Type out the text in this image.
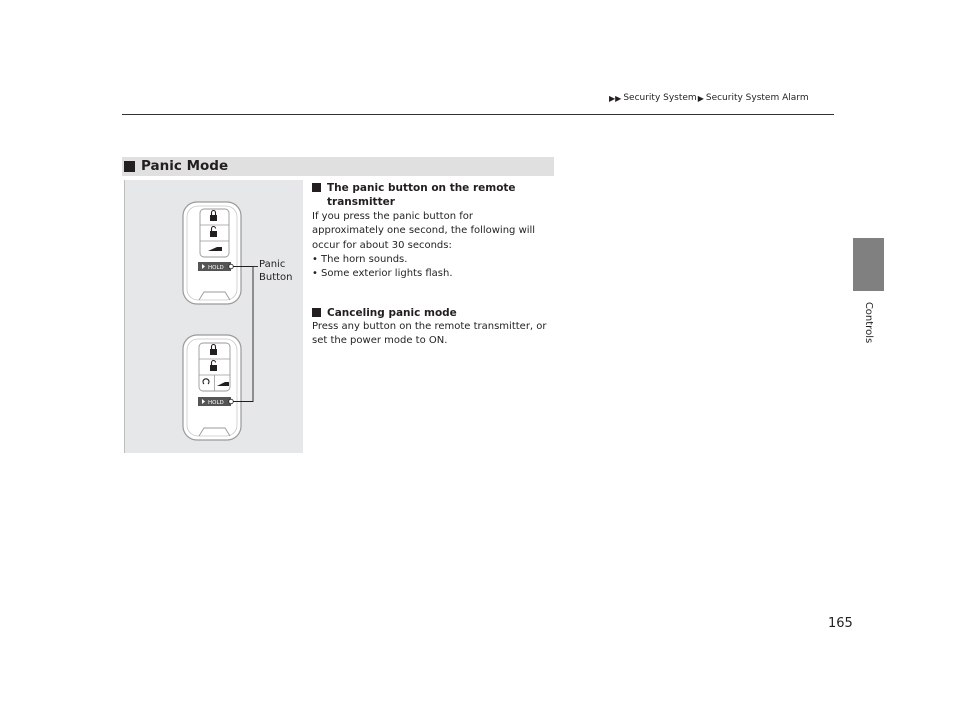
▶▶ Security System ▶ Security System Alarm
Controls
Panic Mode
HOLD
HOLD
Panic
Button
The panic button on the remote
transmitter
If you press the panic button for
approximately one second, the following will
occur for about 30 seconds:
• The horn sounds.
• Some exterior lights flash.
Canceling panic mode
Press any button on the remote transmitter, or
set the power mode to ON.
165
